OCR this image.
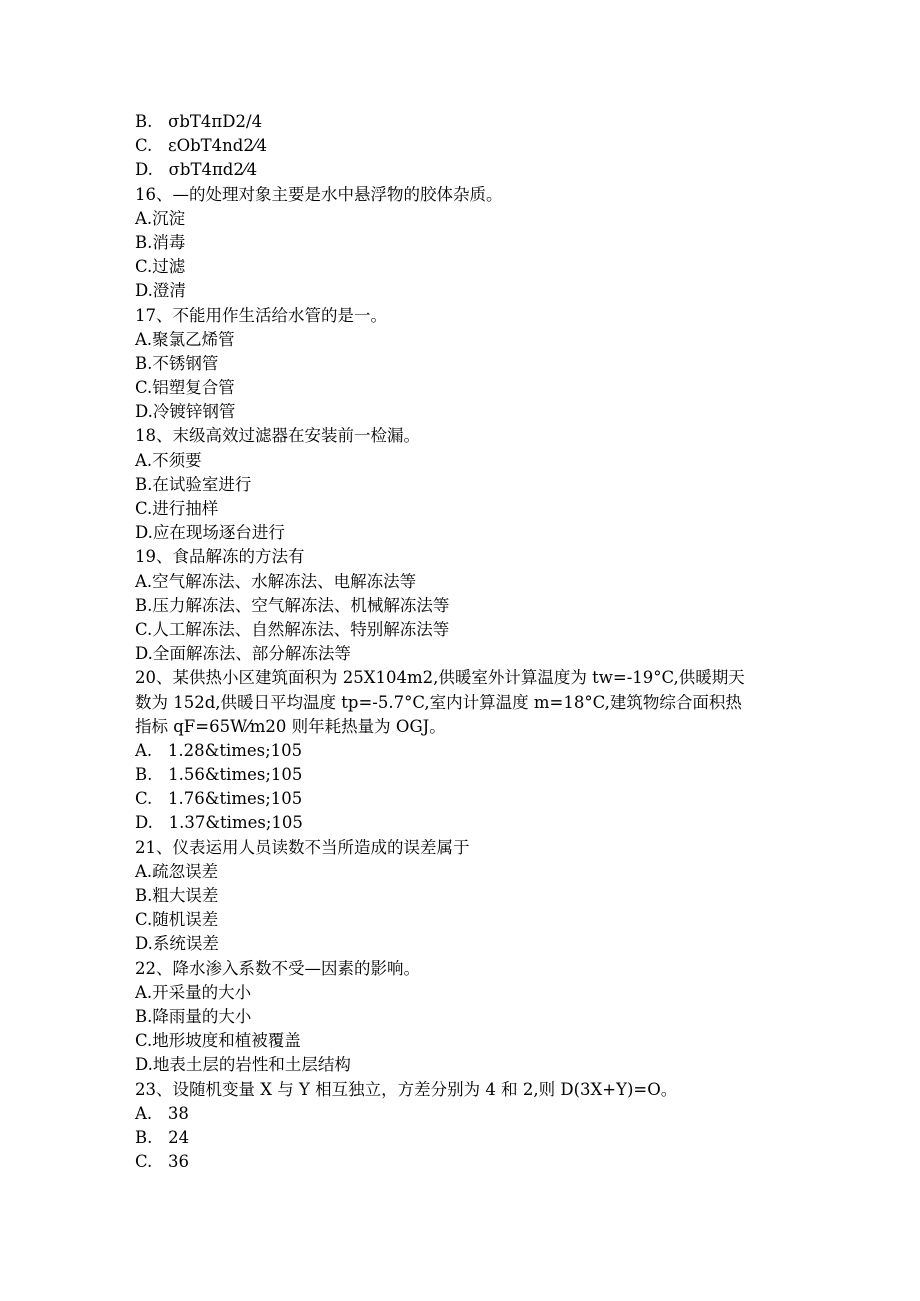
B.   σbT4πD2/4
C.   εObT4nd2⁄4
D.   σbT4πd2⁄4
16、—的处理对象主要是水中悬浮物的胶体杂质。
A.沉淀
B.消毒
C.过滤
D.澄清
17、不能用作生活给水管的是一。
A.聚氯乙烯管
B.不锈钢管
C.铝塑复合管
D.冷镀锌钢管
18、末级高效过滤器在安装前一检漏。
A.不须要
B.在试验室进行
C.进行抽样
D.应在现场逐台进行
19、食品解冻的方法有
A.空气解冻法、水解冻法、电解冻法等
B.压力解冻法、空气解冻法、机械解冻法等
C.人工解冻法、自然解冻法、特别解冻法等
D.全面解冻法、部分解冻法等
20、某供热小区建筑面积为 25X104m2,供暖室外计算温度为 tw=-19°C,供暖期天
数为 152d,供暖日平均温度 tp=-5.7°C,室内计算温度 m=18°C,建筑物综合面积热
指标 qF=65W⁄m20 则年耗热量为 OGJ。
A.   1.28&times;105
B.   1.56&times;105
C.   1.76&times;105
D.   1.37&times;105
21、仪表运用人员读数不当所造成的误差属于
A.疏忽误差
B.粗大误差
C.随机误差
D.系统误差
22、降水渗入系数不受—因素的影响。
A.开采量的大小
B.降雨量的大小
C.地形坡度和植被覆盖
D.地表土层的岩性和土层结构
23、设随机变量 X 与 Y 相互独立，方差分别为 4 和 2,则 D(3X+Y)=O。
A.   38
B.   24
C.   36
